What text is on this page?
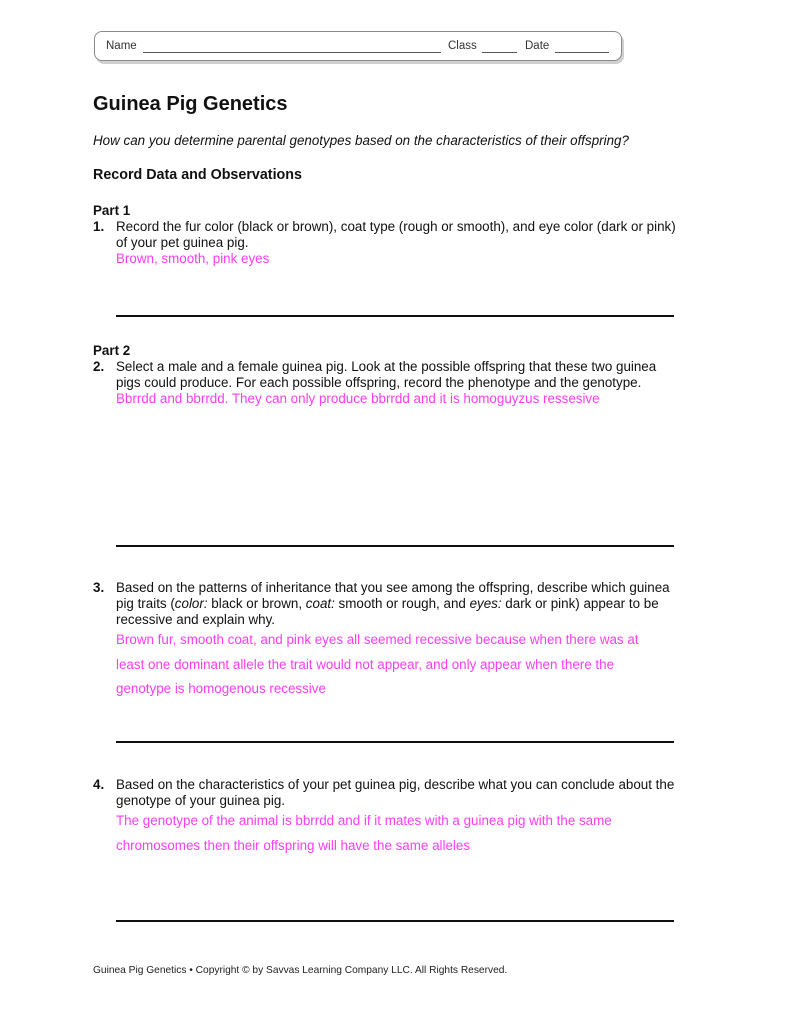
Name	Class	Date
Guinea Pig Genetics

How can you determine parental genotypes based on the characteristics of their offspring?

Record Data and Observations
Part 1
1. Record the fur color (black or brown), coat type (rough or smooth), and eye color (dark or pink) of your pet guinea pig.
Brown, smooth, pink eyes
Part 2
2. Select a male and a female guinea pig. Look at the possible offspring that these two guinea pigs could produce. For each possible offspring, record the phenotype and the genotype.
Bbrrdd and bbrrdd. They can only produce bbrrdd and it is homoguyzus ressesive
3. Based on the patterns of inheritance that you see among the offspring, describe which guinea pig traits (color: black or brown, coat: smooth or rough, and eyes: dark or pink) appear to be recessive and explain why.
Brown fur, smooth coat, and pink eyes all seemed recessive because when there was at
least one dominant allele the trait would not appear, and only appear when there the
genotype is homogenous recessive
4. Based on the characteristics of your pet guinea pig, describe what you can conclude about the genotype of your guinea pig.
The genotype of the animal is bbrrdd and if it mates with a guinea pig with the same
chromosomes then their offspring will have the same alleles
Guinea Pig Genetics • Copyright © by Savvas Learning Company LLC. All Rights Reserved.
